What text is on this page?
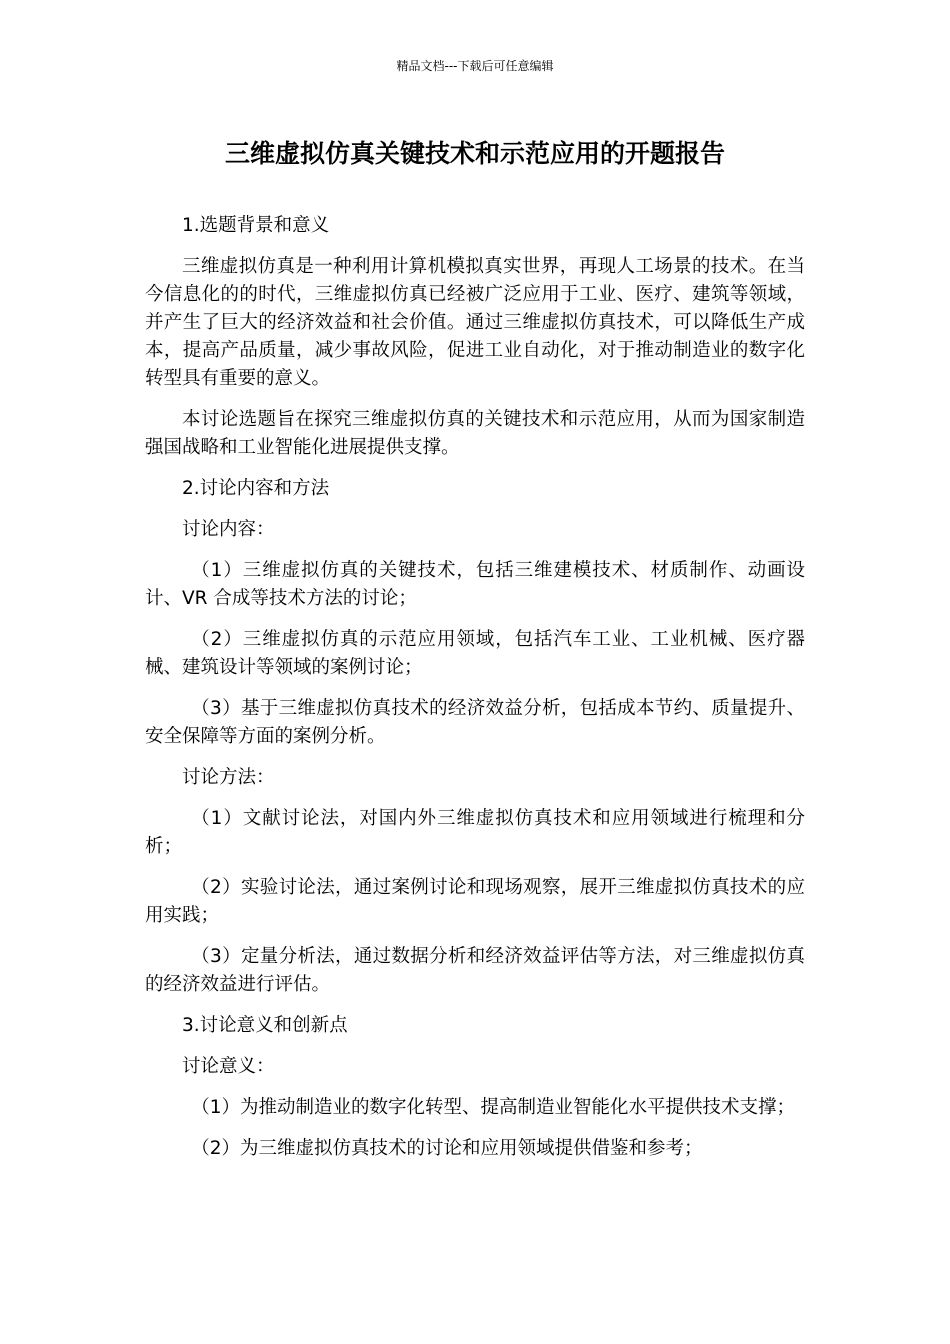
精品文档---下载后可任意编辑
三维虚拟仿真关键技术和示范应用的开题报告

1.选题背景和意义

三维虚拟仿真是一种利用计算机模拟真实世界，再现人工场景的技术。在当今信息化的的时代，三维虚拟仿真已经被广泛应用于工业、医疗、建筑等领域，并产生了巨大的经济效益和社会价值。通过三维虚拟仿真技术，可以降低生产成本，提高产品质量，减少事故风险，促进工业自动化，对于推动制造业的数字化转型具有重要的意义。

本讨论选题旨在探究三维虚拟仿真的关键技术和示范应用，从而为国家制造强国战略和工业智能化进展提供支撑。

2.讨论内容和方法

讨论内容：

（1）三维虚拟仿真的关键技术，包括三维建模技术、材质制作、动画设计、VR 合成等技术方法的讨论；

（2）三维虚拟仿真的示范应用领域，包括汽车工业、工业机械、医疗器械、建筑设计等领域的案例讨论；

（3）基于三维虚拟仿真技术的经济效益分析，包括成本节约、质量提升、安全保障等方面的案例分析。

讨论方法：

（1）文献讨论法，对国内外三维虚拟仿真技术和应用领域进行梳理和分析；

（2）实验讨论法，通过案例讨论和现场观察，展开三维虚拟仿真技术的应用实践；

（3）定量分析法，通过数据分析和经济效益评估等方法，对三维虚拟仿真的经济效益进行评估。

3.讨论意义和创新点

讨论意义：

（1）为推动制造业的数字化转型、提高制造业智能化水平提供技术支撑；

（2）为三维虚拟仿真技术的讨论和应用领域提供借鉴和参考；
